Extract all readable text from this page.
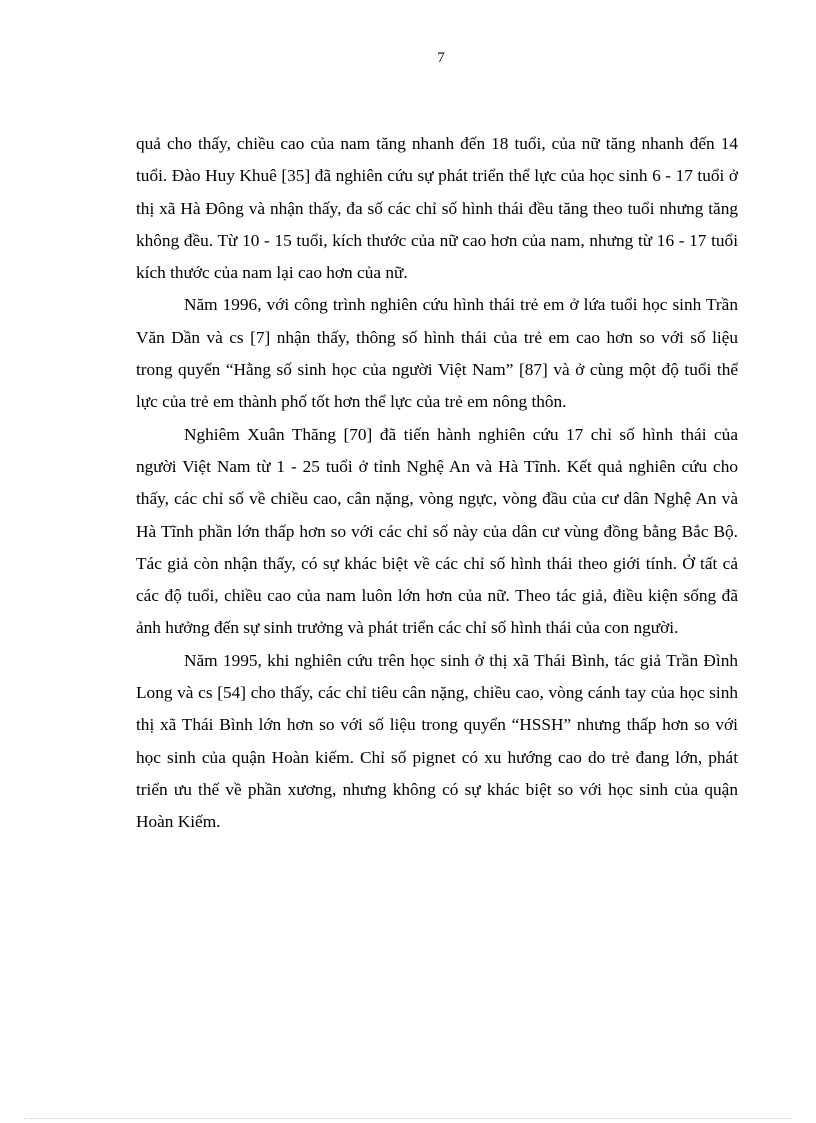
7

quả cho thấy, chiều cao của nam tăng nhanh đến 18 tuổi, của nữ tăng nhanh đến 14 tuổi. Đào Huy Khuê [35] đã nghiên cứu sự phát triển thể lực của học sinh 6 - 17 tuổi ở thị xã Hà Đông và nhận thấy, đa số các chỉ số hình thái đều tăng theo tuổi nhưng tăng không đều. Từ 10 - 15 tuổi, kích thước của nữ cao hơn của nam, nhưng từ 16 - 17 tuổi kích thước của nam lại cao hơn của nữ.

Năm 1996, với công trình nghiên cứu hình thái trẻ em ở lứa tuổi học sinh Trần Văn Dần và cs [7] nhận thấy, thông số hình thái của trẻ em cao hơn so với số liệu trong quyển “Hằng số sinh học của người Việt Nam” [87] và ở cùng một độ tuổi thể lực của trẻ em thành phố tốt hơn thể lực của trẻ em nông thôn.

Nghiêm Xuân Thăng [70] đã tiến hành nghiên cứu 17 chỉ số hình thái của người Việt Nam từ 1 - 25 tuổi ở tỉnh Nghệ An và Hà Tĩnh. Kết quả nghiên cứu cho thấy, các chỉ số về chiều cao, cân nặng, vòng ngực, vòng đầu của cư dân Nghệ An và Hà Tĩnh phần lớn thấp hơn so với các chỉ số này của dân cư vùng đồng bằng Bắc Bộ. Tác giả còn nhận thấy, có sự khác biệt về các chỉ số hình thái theo giới tính. Ở tất cả các độ tuổi, chiều cao của nam luôn lớn hơn của nữ. Theo tác giả, điều kiện sống đã ảnh hưởng đến sự sinh trưởng và phát triển các chỉ số hình thái của con người.

Năm 1995, khi nghiên cứu trên học sinh ở thị xã Thái Bình, tác giả Trần Đình Long và cs [54] cho thấy, các chỉ tiêu cân nặng, chiều cao, vòng cánh tay của học sinh thị xã Thái Bình lớn hơn so với số liệu trong quyển “HSSH” nhưng thấp hơn so với học sinh của quận Hoàn kiếm. Chỉ số pignet có xu hướng cao do trẻ đang lớn, phát triển ưu thế về phần xương, nhưng không có sự khác biệt so với học sinh của quận Hoàn Kiếm.
